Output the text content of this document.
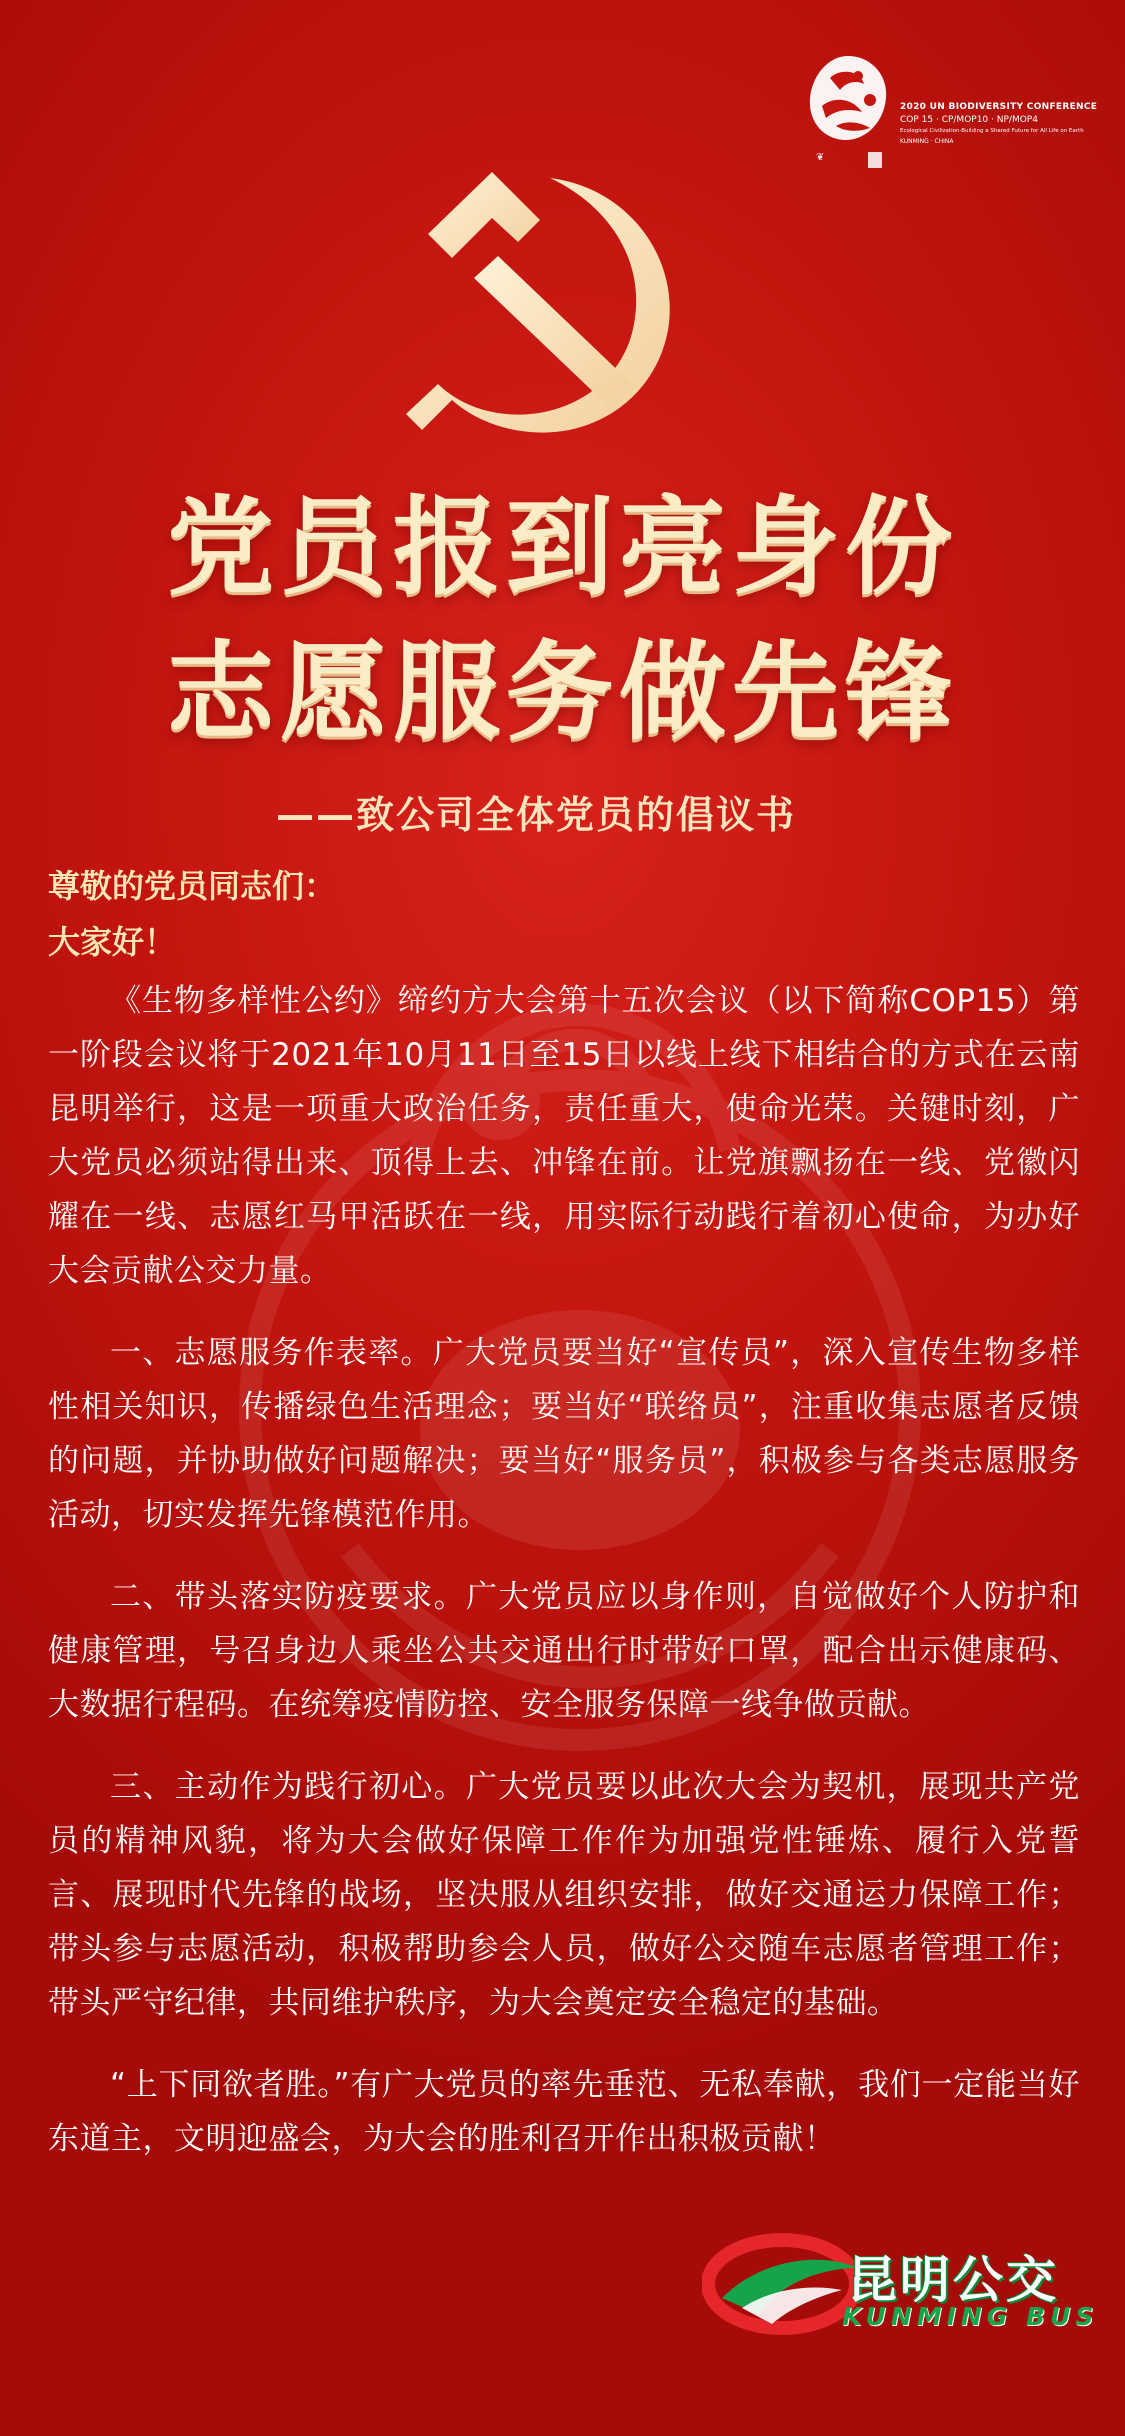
❦
2020 UN BIODIVERSITY CONFERENCE
COP 15 · CP/MOP10 · NP/MOP4
Ecological Civilization-Building a Shared Future for All Life on Earth
KUNMING · CHINA
党员报到亮身份
志愿服务做先锋
——致公司全体党员的倡议书

尊敬的党员同志们：

大家好！

《生物多样性公约》缔约方大会第十五次会议（以下简称COP15）第一阶段会议将于2021年10月11日至15日以线上线下相结合的方式在云南昆明举行，这是一项重大政治任务，责任重大，使命光荣。关键时刻，广大党员必须站得出来、顶得上去、冲锋在前。让党旗飘扬在一线、党徽闪耀在一线、志愿红马甲活跃在一线，用实际行动践行着初心使命，为办好大会贡献公交力量。

一、志愿服务作表率。广大党员要当好“宣传员”，深入宣传生物多样性相关知识，传播绿色生活理念；要当好“联络员”，注重收集志愿者反馈的问题，并协助做好问题解决；要当好“服务员”，积极参与各类志愿服务活动，切实发挥先锋模范作用。

二、带头落实防疫要求。广大党员应以身作则，自觉做好个人防护和健康管理，号召身边人乘坐公共交通出行时带好口罩，配合出示健康码、大数据行程码。在统筹疫情防控、安全服务保障一线争做贡献。

三、主动作为践行初心。广大党员要以此次大会为契机，展现共产党员的精神风貌，将为大会做好保障工作作为加强党性锤炼、履行入党誓言、展现时代先锋的战场，坚决服从组织安排，做好交通运力保障工作；带头参与志愿活动，积极帮助参会人员，做好公交随车志愿者管理工作；带头严守纪律，共同维护秩序，为大会奠定安全稳定的基础。

“上下同欲者胜。”有广大党员的率先垂范、无私奉献，我们一定能当好东道主，文明迎盛会，为大会的胜利召开作出积极贡献！

昆明公交
KUNMING BUS
